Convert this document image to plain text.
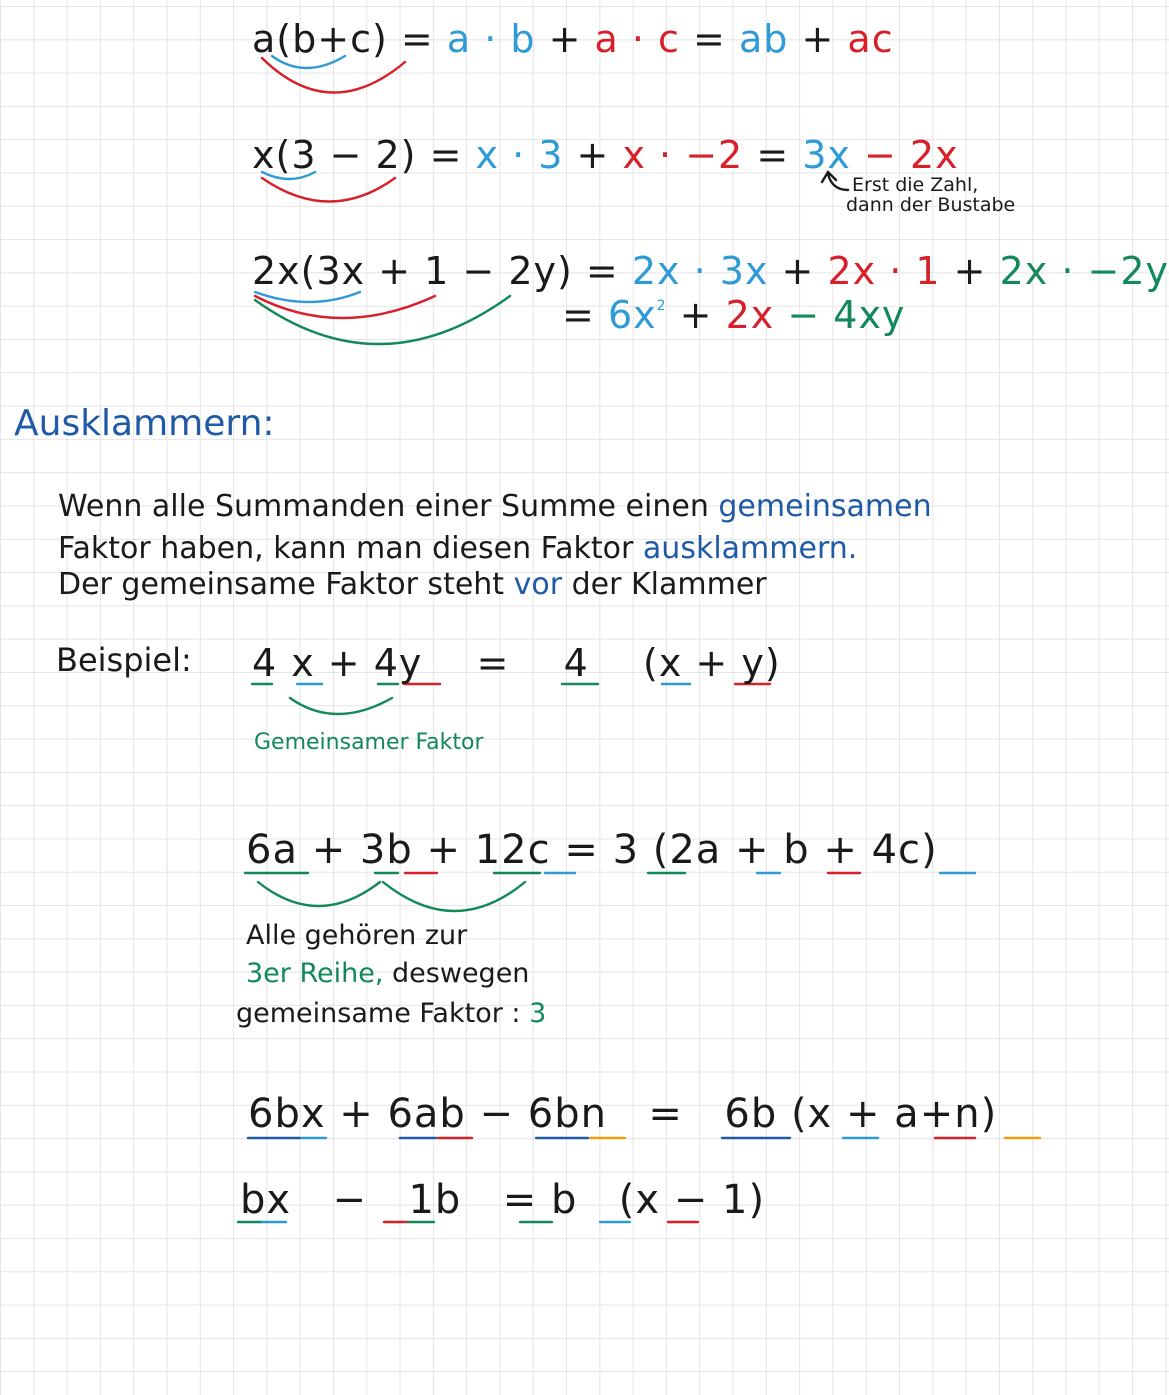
a(b+c) = a · b + a · c = ab + ac
x(3 − 2) = x · 3 + x · −2 = 3x − 2x
Erst die Zahl,
dann der Bustabe
2x(3x + 1 − 2y) = 2x · 3x + 2x · 1 + 2x · −2y
= $6x^2 + 2x - 4xy$
Ausklammern:
Wenn alle Summanden einer Summe einen gemeinsamen
Faktor haben, kann man diesen Faktor ausklammern.
Der gemeinsame Faktor steht vor der Klammer
Beispiel: 4 x + 4y = 4 (x + y)
Gemeinsamer Faktor
6a + 3b + 12c = 3 (2a + b + 4c)
Alle gehören zur
3er Reihe, deswegen
gemeinsame Faktor : 3
6bx + 6ab − 6bn = 6b (x + a+n)
bx − 1b = b (x − 1)
